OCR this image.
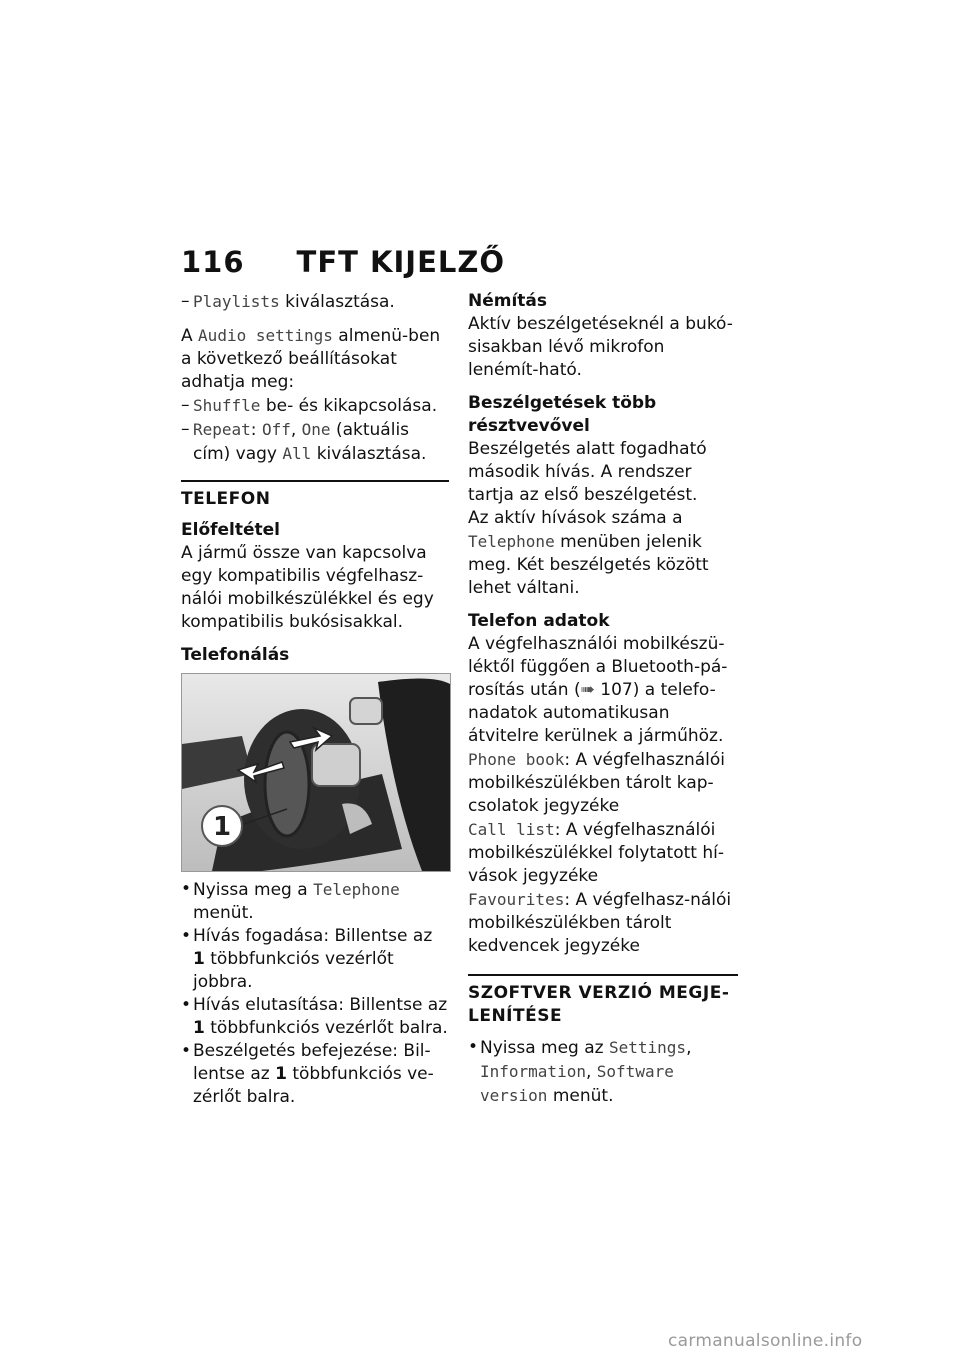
116 TFT KIJELZŐ
– Playlists kiválasztása.
A Audio settings almenü-ben a következő beállításokat adhatja meg:
– Shuffle be- és kikapcsolása.
– Repeat: Off, One (aktuális cím) vagy All kiválasztása.
TELEFON
Előfeltétel

A jármű össze van kapcsolva egy kompatibilis végfelhasz-nálói mobilkészülékkel és egy kompatibilis bukósisakkal.

Telefonálás
1
• Nyissa meg a Telephone menüt.
• Hívás fogadása: Billentse az 1 többfunkciós vezérlőt jobbra.
• Hívás elutasítása: Billentse az 1 többfunkciós vezérlőt balra.
• Beszélgetés befejezése: Bil-lentse az 1 többfunkciós ve-zérlőt balra.
Némítás

Aktív beszélgetéseknél a bukó-sisakban lévő mikrofon lenémít-ható.

Beszélgetések több résztvevővel
Beszélgetés alatt fogadható második hívás. A rendszer tartja az első beszélgetést.

Az aktív hívások száma a Telephone menüben jelenik meg. Két beszélgetés között lehet váltani.

Telefon adatok
A végfelhasználói mobilkészü-léktől függően a Bluetooth-pá-rosítás után (➠ 107) a telefo-nadatok automatikusan átvitelre kerülnek a járműhöz.
Phone book: A végfelhasználói mobilkészülékben tárolt kap-csolatok jegyzéke
Call list: A végfelhasználói mobilkészülékkel folytatott hí-vások jegyzéke
Favourites: A végfelhasz-nálói mobilkészülékben tárolt kedvencek jegyzéke
SZOFTVER VERZIÓ MEGJE-LENÍTÉSE
• Nyissa meg az Settings, Information, Software version menüt.
carmanualsonline.info
